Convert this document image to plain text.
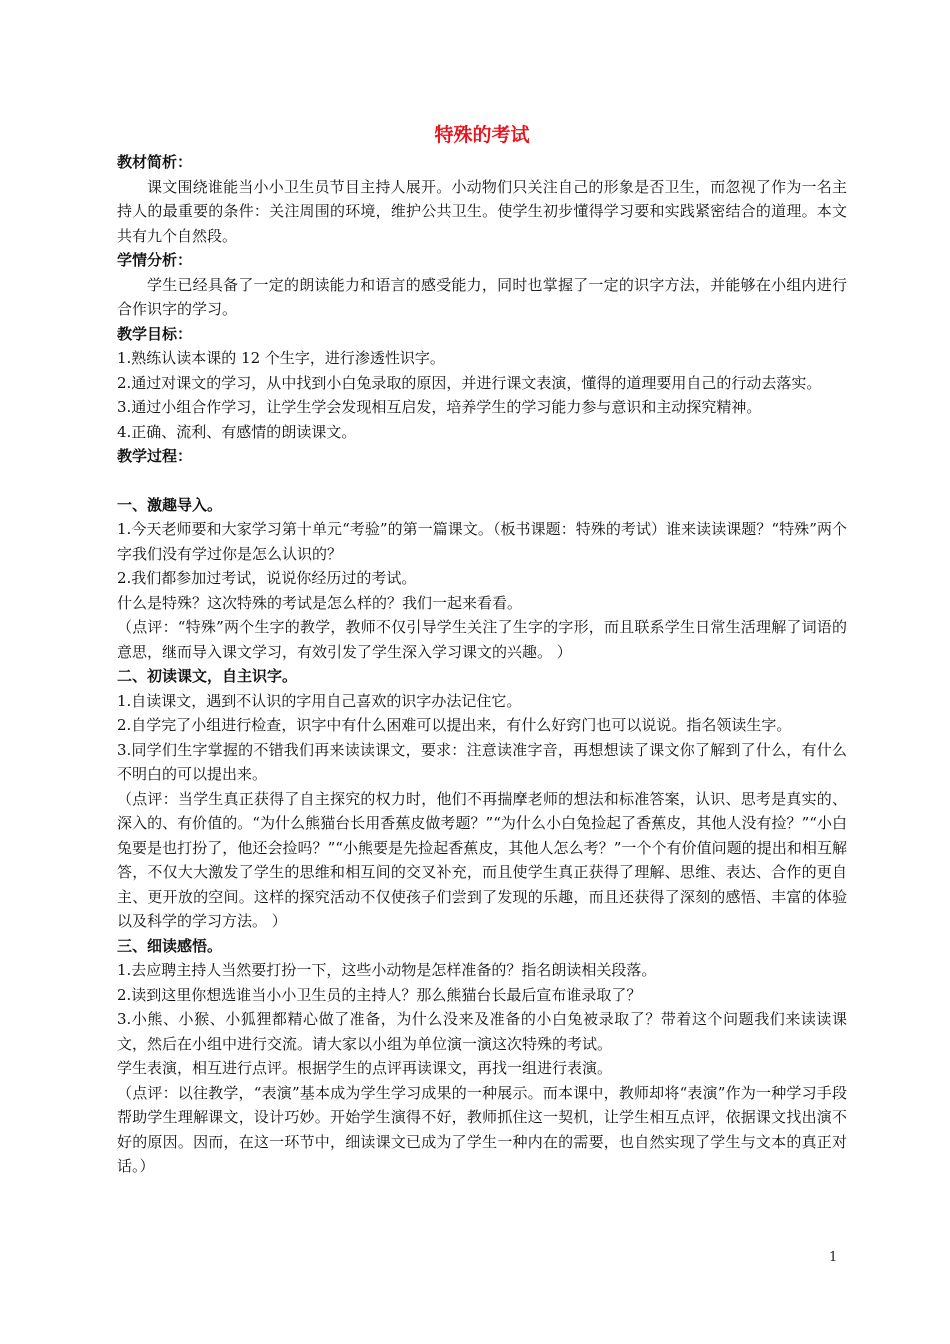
特殊的考试

教材简析：

课文围绕谁能当小小卫生员节目主持人展开。小动物们只关注自己的形象是否卫生，而忽视了作为一名主持人的最重要的条件：关注周围的环境，维护公共卫生。使学生初步懂得学习要和实践紧密结合的道理。本文共有九个自然段。

学情分析：

学生已经具备了一定的朗读能力和语言的感受能力，同时也掌握了一定的识字方法，并能够在小组内进行合作识字的学习。

教学目标：

1.熟练认读本课的 12 个生字，进行渗透性识字。

2.通过对课文的学习，从中找到小白兔录取的原因，并进行课文表演，懂得的道理要用自己的行动去落实。

3.通过小组合作学习，让学生学会发现相互启发，培养学生的学习能力参与意识和主动探究精神。

4.正确、流利、有感情的朗读课文。

教学过程：

一、激趣导入。

1.今天老师要和大家学习第十单元“考验”的第一篇课文。（板书课题：特殊的考试）谁来读读课题？“特殊”两个字我们没有学过你是怎么认识的？

2.我们都参加过考试，说说你经历过的考试。

什么是特殊？这次特殊的考试是怎么样的？我们一起来看看。

（点评：“特殊”两个生字的教学，教师不仅引导学生关注了生字的字形，而且联系学生日常生活理解了词语的意思，继而导入课文学习，有效引发了学生深入学习课文的兴趣。 ）

二、初读课文，自主识字。

1.自读课文，遇到不认识的字用自己喜欢的识字办法记住它。

2.自学完了小组进行检查，识字中有什么困难可以提出来，有什么好窍门也可以说说。指名领读生字。

3.同学们生字掌握的不错我们再来读读课文，要求：注意读准字音，再想想读了课文你了解到了什么，有什么不明白的可以提出来。

（点评：当学生真正获得了自主探究的权力时，他们不再揣摩老师的想法和标准答案，认识、思考是真实的、深入的、有价值的。“为什么熊猫台长用香蕉皮做考题？”“为什么小白兔捡起了香蕉皮，其他人没有捡？”“小白兔要是也打扮了，他还会捡吗？”“小熊要是先捡起香蕉皮，其他人怎么考？”一个个有价值问题的提出和相互解答，不仅大大激发了学生的思维和相互间的交叉补充，而且使学生真正获得了理解、思维、表达、合作的更自主、更开放的空间。这样的探究活动不仅使孩子们尝到了发现的乐趣，而且还获得了深刻的感悟、丰富的体验以及科学的学习方法。 ）

三、细读感悟。

1.去应聘主持人当然要打扮一下，这些小动物是怎样准备的？指名朗读相关段落。

2.读到这里你想选谁当小小卫生员的主持人？那么熊猫台长最后宣布谁录取了？

3.小熊、小猴、小狐狸都精心做了准备，为什么没来及准备的小白兔被录取了？带着这个问题我们来读读课文，然后在小组中进行交流。请大家以小组为单位演一演这次特殊的考试。

学生表演，相互进行点评。根据学生的点评再读课文，再找一组进行表演。

（点评：以往教学，“表演”基本成为学生学习成果的一种展示。而本课中，教师却将“表演”作为一种学习手段帮助学生理解课文，设计巧妙。开始学生演得不好，教师抓住这一契机，让学生相互点评，依据课文找出演不好的原因。因而，在这一环节中，细读课文已成为了学生一种内在的需要，也自然实现了学生与文本的真正对话。）

1
